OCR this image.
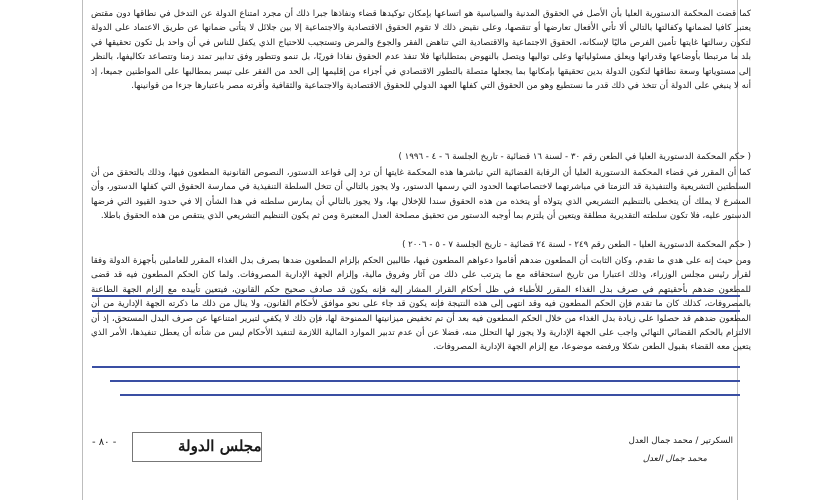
كما قضت المحكمة الدستورية العليا بأن الأصل في الحقوق المدنية والسياسية هو اتساعها بإمكان توكيدها قضاء ونفاذها جبرا ذلك أن مجرد امتناع الدولة عن التدخل في نطاقها دون مقتض يعتبر كافيا لضمانها وكفالتها بالتالي ألا تأتي الأفعال تعارضها أو تنقصها، وعلى نقيض ذلك لا تقوم الحقوق الاقتصادية والاجتماعية إلا بين جلائل لا يتأتى ضمانها عن طريق الاعتماد على الدولة لتكون رسالتها غايتها تأمين الفرص ماليًا لإسكانه، الحقوق الاجتماعية والاقتصادية التي تناهض الفقر والجوع والمرض وتستجيب للاحتياج الذي يكفل للناس في أن واحد بل تكون تحقيقها في بلد ما مرتبطا بأوضاعها وقدراتها ويعلق مسئولياتها وعلى تواليها ويتصل بالنهوض بمتطلباتها فلا تنفذ عدم الحقوق نفاذا فوريًا، بل تنمو وتتطور وفق تدابير تمتد زمنا وتتصاعد تكاليفها، بالنظر إلى مستوياتها وسعة نطاقها لتكون الدولة بدين تحقيقها بإمكانها بما يجعلها متصلة بالتطور الاقتصادي في أجزاء من إقليمها إلى الحد من الفقر على تيسر بمطالبها على المواطنين جميعا، إذ أنه لا ينبغي على الدولة أن تتخذ في ذلك قدر ما نستطيع وهو من الحقوق التي كفلها العهد الدولي للحقوق الاقتصادية والاجتماعية والثقافية وأقرته مصر باعتبارها جزءا من قوانينها.
( حكم المحكمة الدستورية العليا في الطعن رقم ٣٠ - لسنة ١٦ قضائية - تاريخ الجلسة ٦ - ٤ - ١٩٩٦ )
كما أن المقرر في قضاء المحكمة الدستورية العليا أن الرقابة القضائية التي تباشرها هذه المحكمة غايتها أن ترد إلى قواعد الدستور، النصوص القانونية المطعون فيها، وذلك بالتحقق من أن السلطتين التشريعية والتنفيذية قد التزمتا في مباشرتهما لاختصاصاتهما الحدود التي رسمها الدستور، ولا يجوز بالتالي أن تتخل السلطة التنفيذية في ممارسة الحقوق التي كفلها الدستور، وأن المشرع لا يملك أن يتخطى بالتنظيم التشريعي الذي يتولاه أو يتخذه من هذه الحقوق سندا للإخلال بها، ولا يجوز بالتالي أن يمارس سلطته في هذا الشأن إلا في حدود القيود التي فرضها الدستور عليه، فلا تكون سلطته التقديرية مطلقة ويتعين أن يلتزم بما أوجبه الدستور من تحقيق مصلحة العدل المعتبرة ومن ثم يكون التنظيم التشريعي الذي ينتقص من هذه الحقوق باطلا.
( حكم المحكمة الدستورية العليا - الطعن رقم ٢٤٩ - لسنة ٢٤ قضائية - تاريخ الجلسة ٧ - ٥ - ٢٠٠٦ )
ومن حيث إنه على هدي ما تقدم، وكان الثابت أن المطعون ضدهم أقاموا دعواهم المطعون فيها، طالبين الحكم بإلزام المطعون ضدها بصرف بدل الغذاء المقرر للعاملين بأجهزة الدولة وفقا لقرار رئيس مجلس الوزراء، وذلك اعتبارا من تاريخ استحقاقه مع ما يترتب على ذلك من آثار وفروق مالية، وإلزام الجهة الإدارية المصروفات. ولما كان الحكم المطعون فيه قد قضى للمطعون ضدهم بأحقيتهم في صرف بدل الغذاء المقرر للأطباء في ظل أحكام القرار المشار إليه فإنه يكون قد صادف صحيح حكم القانون، فيتعين تأييده مع إلزام الجهة الطاعنة بالمصروفات، كذلك كان ما تقدم فإن الحكم المطعون فيه وقد انتهى إلى هذه النتيجة فإنه يكون قد جاء على نحو موافق لأحكام القانون، ولا ينال من ذلك ما ذكرته الجهة الإدارية من أن المطعون ضدهم قد حصلوا على زيادة بدل الغذاء من خلال الحكم المطعون فيه بعد أن تم تخفيض ميزانيتها الممنوحة لها، فإن ذلك لا يكفي لتبرير امتناعها عن صرف البدل المستحق، إذ أن الالتزام بالحكم القضائي النهائي واجب على الجهة الإدارية ولا يجوز لها التحلل منه، فضلا عن أن عدم تدبير الموارد المالية اللازمة لتنفيذ الأحكام ليس من شأنه أن يعطل تنفيذها، الأمر الذي يتعين معه القضاء بقبول الطعن شكلا ورفضه موضوعا، مع إلزام الجهة الإدارية المصروفات.
السكرتير / محمد جمال العدل
محمد جمال العدل
مجلس الدولة
- ٨٠ -
